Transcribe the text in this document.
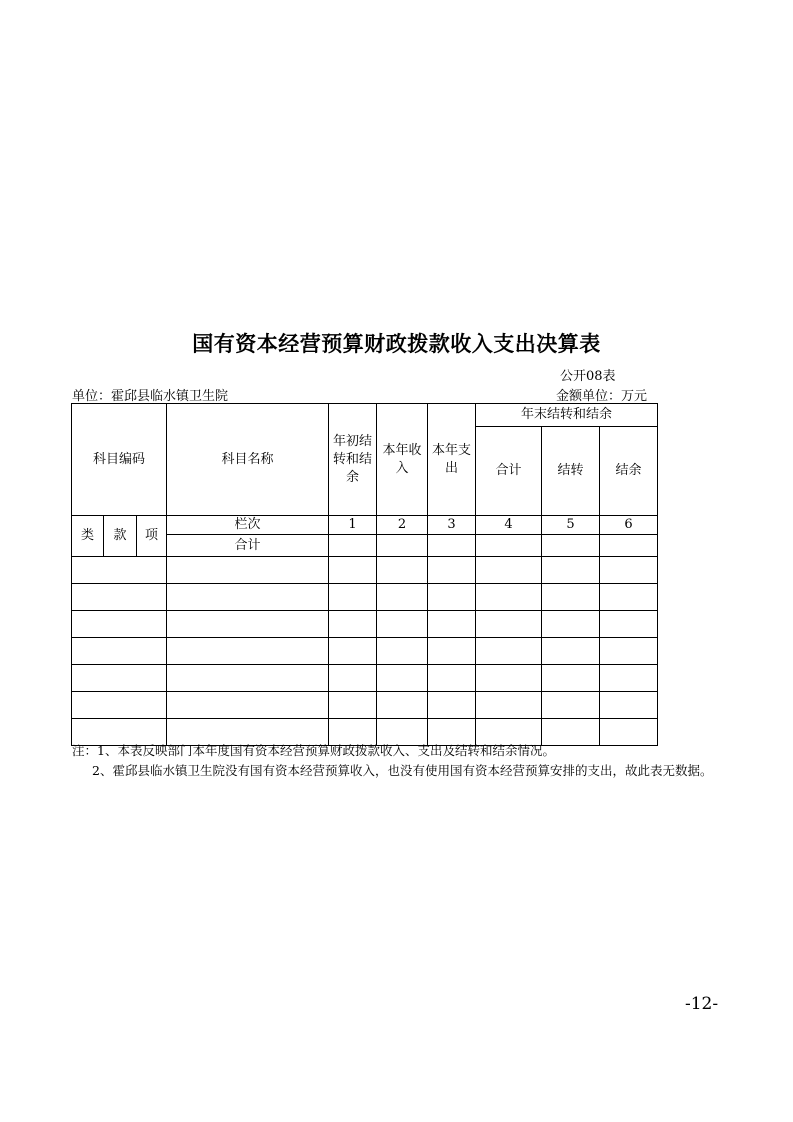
国有资本经营预算财政拨款收入支出决算表
公开08表
单位：霍邱县临水镇卫生院	金额单位：万元
科目编码			科目名称	年初结转和结余	本年收入	本年支出	年末结转和结余		
							合计	结转	结余
类	款	项	栏次	1	2	3	4	5	6
			合计						

注：1、本表反映部门本年度国有资本经营预算财政拨款收入、支出及结转和结余情况。
2、霍邱县临水镇卫生院没有国有资本经营预算收入，也没有使用国有资本经营预算安排的支出，故此表无数据。
-12-
